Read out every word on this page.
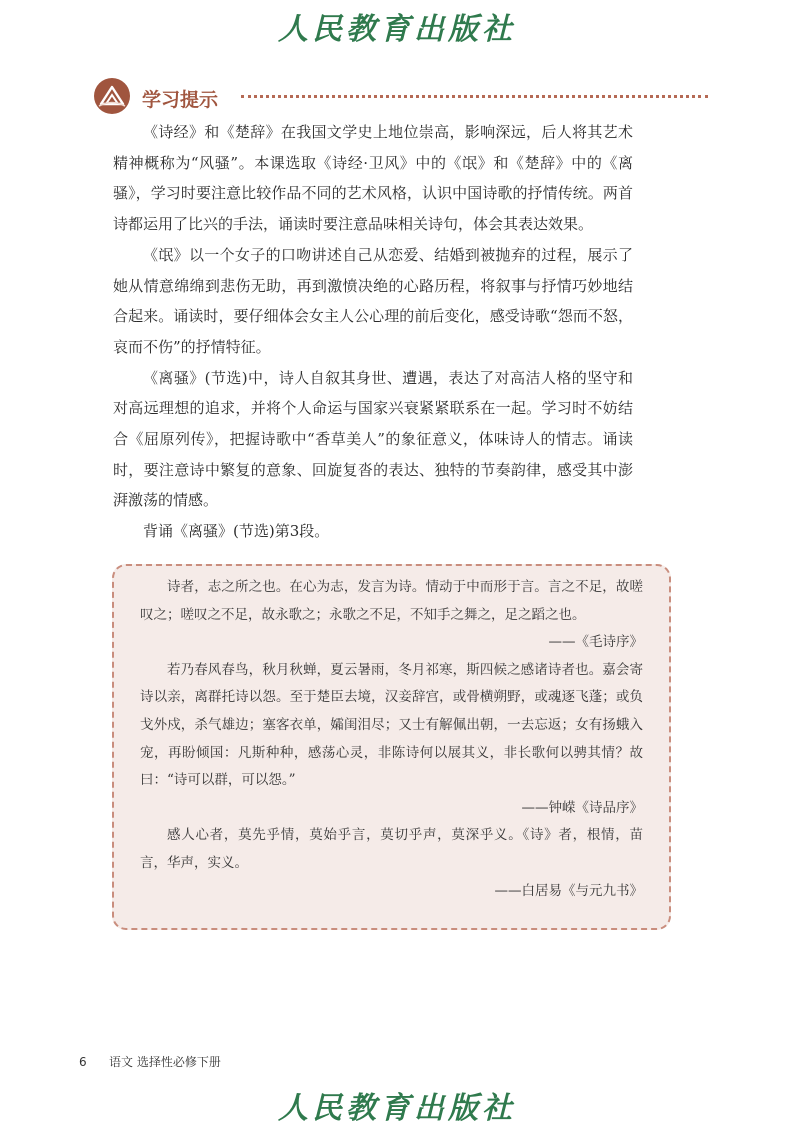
人民教育出版社
学习提示

《诗经》和《楚辞》在我国文学史上地位崇高，影响深远，后人将其艺术精神概称为“风骚”。本课选取《诗经·卫风》中的《氓》和《楚辞》中的《离骚》，学习时要注意比较作品不同的艺术风格，认识中国诗歌的抒情传统。两首诗都运用了比兴的手法，诵读时要注意品味相关诗句，体会其表达效果。

《氓》以一个女子的口吻讲述自己从恋爱、结婚到被抛弃的过程，展示了她从情意绵绵到悲伤无助，再到激愤决绝的心路历程，将叙事与抒情巧妙地结合起来。诵读时，要仔细体会女主人公心理的前后变化，感受诗歌“怨而不怒，哀而不伤”的抒情特征。

《离骚》(节选)中，诗人自叙其身世、遭遇，表达了对高洁人格的坚守和对高远理想的追求，并将个人命运与国家兴衰紧紧联系在一起。学习时不妨结合《屈原列传》，把握诗歌中“香草美人”的象征意义，体味诗人的情志。诵读时，要注意诗中繁复的意象、回旋复沓的表达、独特的节奏韵律，感受其中澎湃激荡的情感。

背诵《离骚》(节选)第3段。

诗者，志之所之也。在心为志，发言为诗。情动于中而形于言。言之不足，故嗟叹之；嗟叹之不足，故永歌之；永歌之不足，不知手之舞之，足之蹈之也。

——《毛诗序》

若乃春风春鸟，秋月秋蝉，夏云暑雨，冬月祁寒，斯四候之感诸诗者也。嘉会寄诗以亲，离群托诗以怨。至于楚臣去境，汉妾辞宫，或骨横朔野，或魂逐飞蓬；或负戈外戍，杀气雄边；塞客衣单，孀闺泪尽；又士有解佩出朝，一去忘返；女有扬蛾入宠，再盼倾国：凡斯种种，感荡心灵，非陈诗何以展其义，非长歌何以骋其情？故曰：“诗可以群，可以怨。”

——钟嵘《诗品序》

感人心者，莫先乎情，莫始乎言，莫切乎声，莫深乎义。《诗》者，根情，苗言，华声，实义。

——白居易《与元九书》

6 语文 选择性必修下册
人民教育出版社
